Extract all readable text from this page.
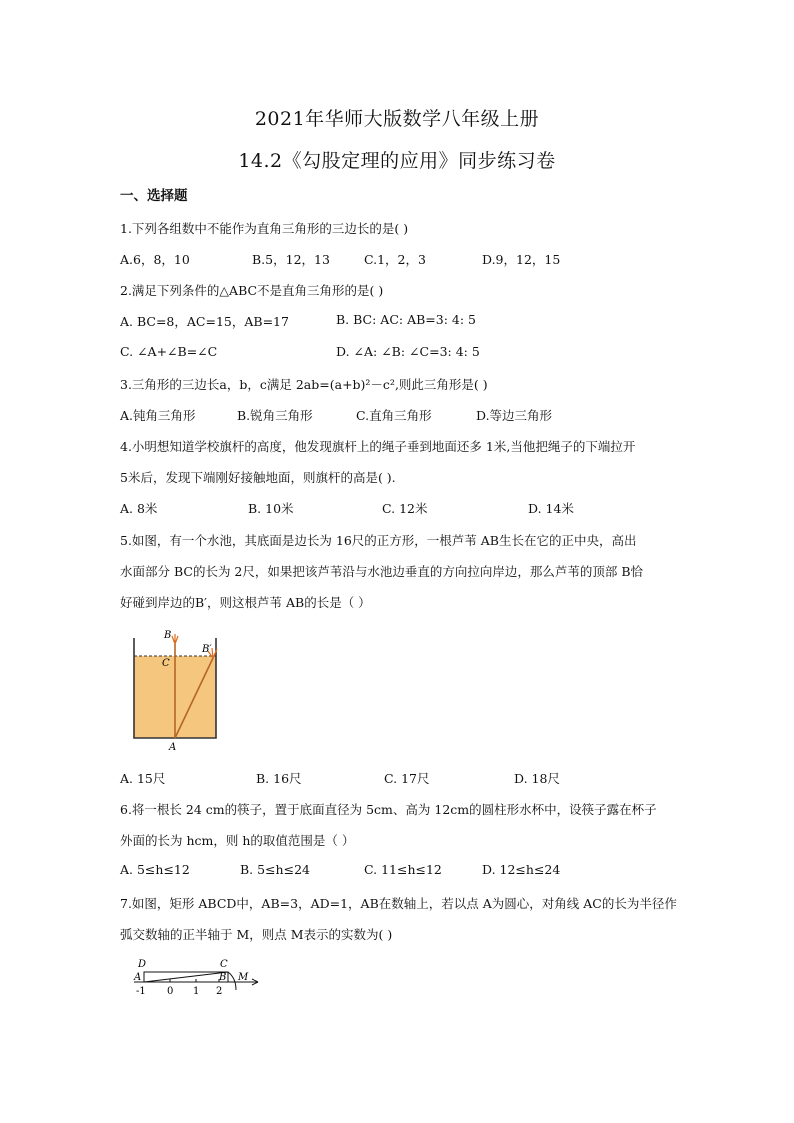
2021年华师大版数学八年级上册
14.2《勾股定理的应用》同步练习卷
一、选择题
1.下列各组数中不能作为直角三角形的三边长的是( )
A.6，8，10	B.5，12，13	C.1，2，3	D.9，12，15
2.满足下列条件的△ABC不是直角三角形的是( )
A. BC=8，AC=15，AB=17	B. BC: AC: AB=3: 4: 5
C. ∠A+∠B=∠C	D. ∠A: ∠B: ∠C=3: 4: 5
3.三角形的三边长a，b，c满足 2ab=(a+b)²－c²,则此三角形是( )
A.钝角三角形	B.锐角三角形	C.直角三角形	D.等边三角形
4.小明想知道学校旗杆的高度，他发现旗杆上的绳子垂到地面还多 1米,当他把绳子的下端拉开
5米后，发现下端刚好接触地面，则旗杆的高是( ).
A. 8米	B. 10米	C. 12米	D. 14米
5.如图，有一个水池，其底面是边长为 16尺的正方形，一根芦苇 AB生长在它的正中央，高出
水面部分 BC的长为 2尺，如果把该芦苇沿与水池边垂直的方向拉向岸边，那么芦苇的顶部 B恰
好碰到岸边的B′，则这根芦苇 AB的长是（ ）
B
B′
C
A
A. 15尺	B. 16尺	C. 17尺	D. 18尺
6.将一根长 24 cm的筷子，置于底面直径为 5cm、高为 12cm的圆柱形水杯中，设筷子露在杯子
外面的长为 hcm，则 h的取值范围是（ ）
A. 5≤h≤12	B. 5≤h≤24	C. 11≤h≤12	D. 12≤h≤24
7.如图，矩形 ABCD中，AB=3，AD=1，AB在数轴上，若以点 A为圆心，对角线 AC的长为半径作
弧交数轴的正半轴于 M，则点 M表示的实数为( )
D	C
A	B M
-1 0 1 2
